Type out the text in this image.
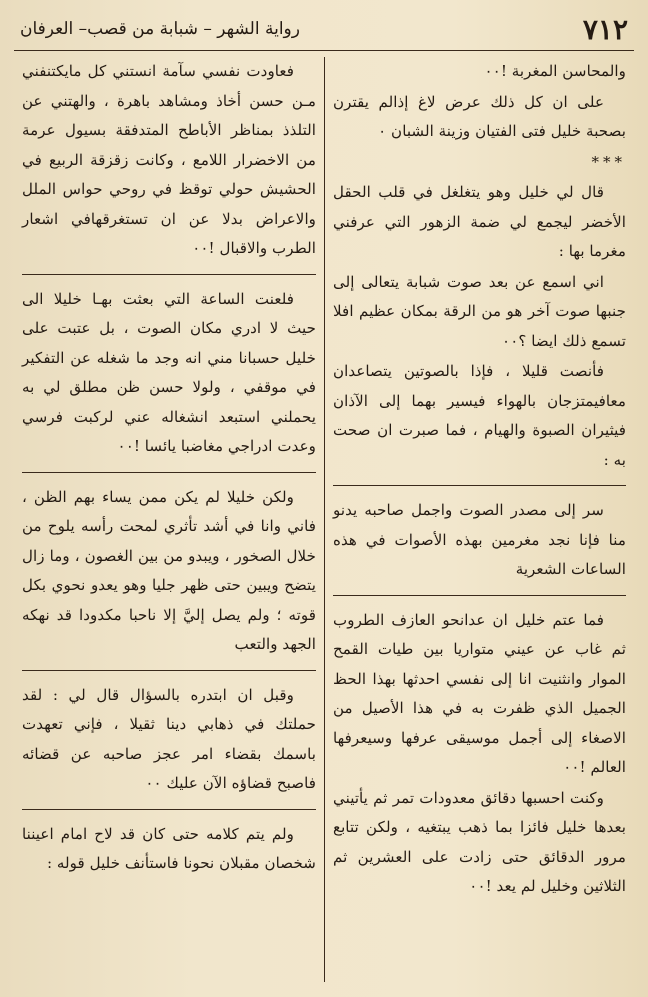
٧١٢
رواية الشهر – شبابة من قصب– العرفان

والمحاسن المغربة !٠٠

على ان كل ذلك عرض لاغ إذالم يقترن بصحبة خليل فتى الفتيان وزينة الشبان ٠

***

قال لي خليل وهو يتغلغل في قلب الحقل الأخضر ليجمع لي ضمة الزهور التي عرفني مغرما بها :

اني اسمع عن بعد صوت شبابة يتعالى إلى جنبها صوت آخر هو من الرقة بمكان عظيم افلا تسمع ذلك ايضا ؟٠٠

فأنصت قليلا ، فإذا بالصوتين يتصاعدان معافيمتزجان بالهواء فيسير بهما إلى الآذان فيثيران الصبوة والهيام ، فما صبرت ان صحت به :

سر إلى مصدر الصوت واجمل صاحبه يدنو منا فإنا نجد مغرمين بهذه الأصوات في هذه الساعات الشعرية

فما عتم خليل ان عدانحو العازف الطروب ثم غاب عن عيني متواريا بين طيات القمح الموار وانثنيت انا إلى نفسي احدثها بهذا الحظ الجميل الذي ظفرت به في هذا الأصيل من الاصغاء إلى أجمل موسيقى عرفها وسيعرفها العالم !٠٠

وكنت احسبها دقائق معدودات تمر ثم يأتيني بعدها خليل فائزا بما ذهب يبتغيه ، ولكن تتابع مرور الدقائق حتى زادت على العشرين ثم الثلاثين وخليل لم يعد !٠٠

فعاودت نفسي سآمة انستني كل مايكتنفني مـن حسن أخاذ ومشاهد باهرة ، والهتني عن التلذذ بمناظر الأباطح المتدفقة بسيول عرمة من الاخضرار اللامع ، وكانت زقزقة الربيع في الحشيش حولي توقظ في روحي حواس الملل والاعراض بدلا عن ان تستغرقهافي اشعار الطرب والاقبال !٠٠

فلعنت الساعة التي بعثت بهـا خليلا الى حيث لا ادري مكان الصوت ، بل عتبت على خليل حسبانا مني انه وجد ما شغله عن التفكير في موقفي ، ولولا حسن ظن مطلق لي به يحملني استبعد انشغاله عني لركبت فرسي وعدت ادراجي مغاضبا يائسا !٠٠

ولكن خليلا لم يكن ممن يساء بهم الظن ، فاني وانا في أشد تأثري لمحت رأسه يلوح من خلال الصخور ، ويبدو من بين الغصون ، وما زال يتضح ويبين حتى ظهر جليا وهو يعدو نحوي بكل قوته ؛ ولم يصل إليَّ إلا ناحبا مكدودا قد نهكه الجهد والتعب

وقبل ان ابتدره بالسؤال قال لي : لقد حملتك في ذهابي دينا ثقيلا ، فإني تعهدت باسمك بقضاء امر عجز صاحبه عن قضائه فاصبح قضاؤه الآن عليك ٠٠

ولم يتم كلامه حتى كان قد لاح امام اعيننا شخصان مقبلان نحونا فاستأنف خليل قوله :
